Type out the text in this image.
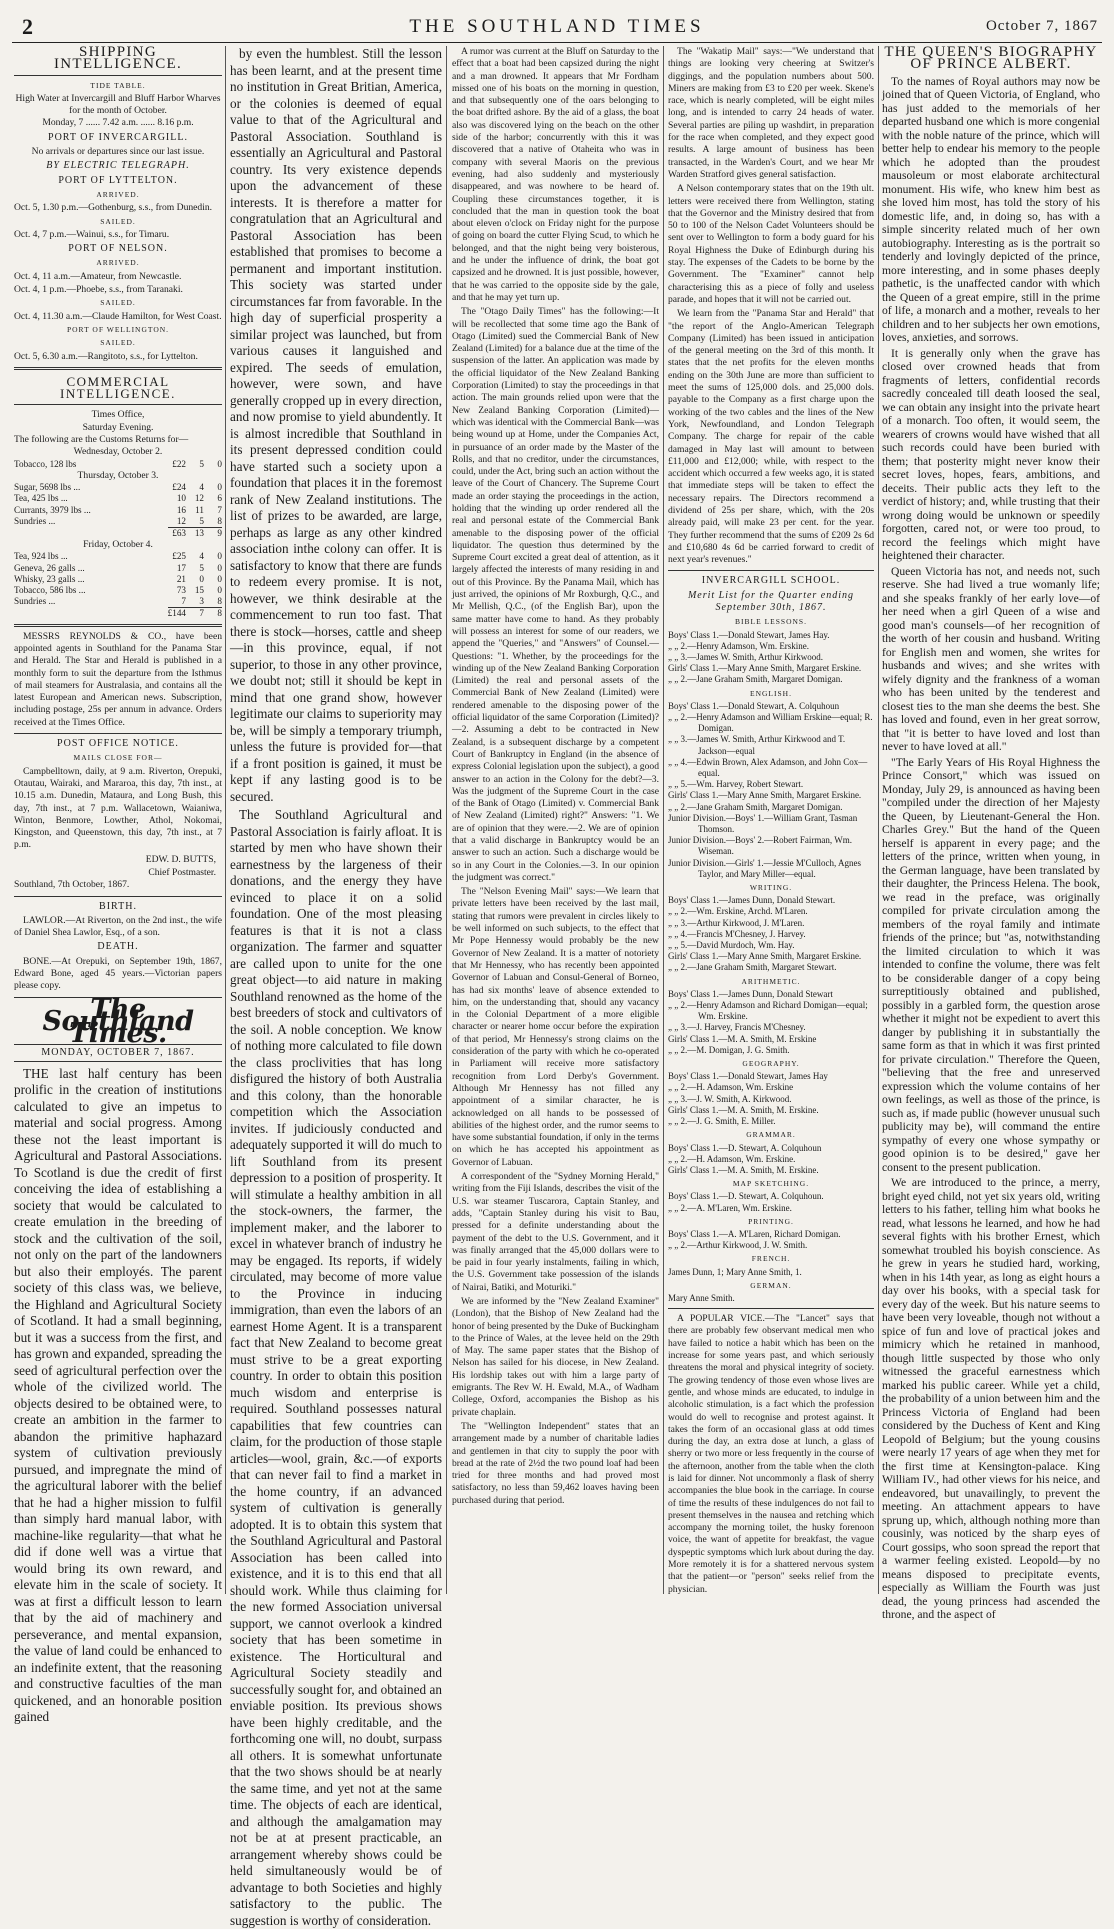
2	THE SOUTHLAND TIMES	October 7, 1867
SHIPPING INTELLIGENCE.
TIDE TABLE.
High Water at Invercargill and Bluff Harbor Wharves for the month of October.
Monday, 7 ...... 7.42 a.m. ...... 8.16 p.m.
PORT OF INVERCARGILL.
No arrivals or departures since our last issue.
BY ELECTRIC TELEGRAPH.
PORT OF LYTTELTON.
ARRIVED.
Oct. 5, 1.30 p.m.—Gothenburg, s.s., from Dunedin.
SAILED.
Oct. 4, 7 p.m.—Wainui, s.s., for Timaru.
PORT OF NELSON.
ARRIVED.
Oct. 4, 11 a.m.—Amateur, from Newcastle.
Oct. 4, 1 p.m.—Phoebe, s.s., from Taranaki.
SAILED.
Oct. 4, 11.30 a.m.—Claude Hamilton, for West Coast.
PORT OF WELLINGTON.
SAILED.
Oct. 5, 6.30 a.m.—Rangitoto, s.s., for Lyttelton.
COMMERCIAL INTELLIGENCE.
Times Office,
Saturday Evening.
The following are the Customs Returns for—
Wednesday, October 2.
Tobacco, 128 lbs	£22	5	0
Thursday, October 3.
Sugar, 5698 lbs ...	£24	4	0
Tea, 425 lbs ...	10	12	6
Currants, 3979 lbs ...	16	11	7
Sundries ...	12	5	8
	£63	13	9
Friday, October 4.
Tea, 924 lbs ...	£25	4	0
Geneva, 26 galls ...	17	5	0
Whisky, 23 galls ...	21	0	0
Tobacco, 586 lbs ...	73	15	0
Sundries ...	7	3	8
	£144	7	8

MESSRS REYNOLDS & CO., have been appointed agents in Southland for the Panama Star and Herald. The Star and Herald is published in a monthly form to suit the departure from the Isthmus of mail steamers for Australasia, and contains all the latest European and American news. Subscription, including postage, 25s per annum in advance. Orders received at the Times Office.

POST OFFICE NOTICE.
MAILS CLOSE FOR—

Campbelltown, daily, at 9 a.m. Riverton, Orepuki, Otautau, Wairaki, and Mararoa, this day, 7th inst., at 10.15 a.m. Dunedin, Mataura, and Long Bush, this day, 7th inst., at 7 p.m. Wallacetown, Waianiwa, Winton, Benmore, Lowther, Athol, Nokomai, Kingston, and Queenstown, this day, 7th inst., at 7 p.m.

EDW. D. BUTTS,
Chief Postmaster.
Southland, 7th October, 1867.
BIRTH.

LAWLOR.—At Riverton, on the 2nd inst., the wife of Daniel Shea Lawlor, Esq., of a son.

DEATH.

BONE.—At Orepuki, on September 19th, 1867, Edward Bone, aged 45 years.—Victorian papers please copy.

The Southland Times.
MONDAY, OCTOBER 7, 1867.

THE last half century has been prolific in the creation of institutions calculated to give an impetus to material and social progress. Among these not the least important is Agricultural and Pastoral Associations. To Scotland is due the credit of first conceiving the idea of establishing a society that would be calculated to create emulation in the breeding of stock and the cultivation of the soil, not only on the part of the landowners but also their employés. The parent society of this class was, we believe, the Highland and Agricultural Society of Scotland. It had a small beginning, but it was a success from the first, and has grown and expanded, spreading the seed of agricultural perfection over the whole of the civilized world. The objects desired to be obtained were, to create an ambition in the farmer to abandon the primitive haphazard system of cultivation previously pursued, and impregnate the mind of the agricultural laborer with the belief that he had a higher mission to fulfil than simply hard manual labor, with machine-like regularity—that what he did if done well was a virtue that would bring its own reward, and elevate him in the scale of society. It was at first a difficult lesson to learn that by the aid of machinery and perseverance, and mental expansion, the value of land could be enhanced to an indefinite extent, that the reasoning and constructive faculties of the man quickened, and an honorable position gained

by even the humblest. Still the lesson has been learnt, and at the present time no institution in Great Britian, America, or the colonies is deemed of equal value to that of the Agricultural and Pastoral Association. Southland is essentially an Agricultural and Pastoral country. Its very existence depends upon the advancement of these interests. It is therefore a matter for congratulation that an Agricultural and Pastoral Association has been established that promises to become a permanent and important institution. This society was started under circumstances far from favorable. In the high day of superficial prosperity a similar project was launched, but from various causes it languished and expired. The seeds of emulation, however, were sown, and have generally cropped up in every direction, and now promise to yield abundently. It is almost incredible that Southland in its present depressed condition could have started such a society upon a foundation that places it in the foremost rank of New Zealand institutions. The list of prizes to be awarded, are large, perhaps as large as any other kindred association inthe colony can offer. It is satisfactory to know that there are funds to redeem every promise. It is not, however, we think desirable at the commencement to run too fast. That there is stock—horses, cattle and sheep—in this province, equal, if not superior, to those in any other province, we doubt not; still it should be kept in mind that one grand show, however legitimate our claims to superiority may be, will be simply a temporary triumph, unless the future is provided for—that if a front position is gained, it must be kept if any lasting good is to be secured.

The Southland Agricultural and Pastoral Association is fairly afloat. It is started by men who have shown their earnestness by the largeness of their donations, and the energy they have evinced to place it on a solid foundation. One of the most pleasing features is that it is not a class organization. The farmer and squatter are called upon to unite for the one great object—to aid nature in making Southland renowned as the home of the best breeders of stock and cultivators of the soil. A noble conception. We know of nothing more calculated to file down the class proclivities that has long disfigured the history of both Australia and this colony, than the honorable competition which the Association invites. If judiciously conducted and adequately supported it will do much to lift Southland from its present depression to a position of prosperity. It will stimulate a healthy ambition in all the stock-owners, the farmer, the implement maker, and the laborer to excel in whatever branch of industry he may be engaged. Its reports, if widely circulated, may become of more value to the Province in inducing immigration, than even the labors of an earnest Home Agent. It is a transparent fact that New Zealand to become great must strive to be a great exporting country. In order to obtain this position much wisdom and enterprise is required. Southland possesses natural capabilities that few countries can claim, for the production of those staple articles—wool, grain, &c.—of exports that can never fail to find a market in the home country, if an advanced system of cultivation is generally adopted. It is to obtain this system that the Southland Agricultural and Pastoral Association has been called into existence, and it is to this end that all should work. While thus claiming for the new formed Association universal support, we cannot overlook a kindred society that has been sometime in existence. The Horticultural and Agricultural Society steadily and successfully sought for, and obtained an enviable position. Its previous shows have been highly creditable, and the forthcoming one will, no doubt, surpass all others. It is somewhat unfortunate that the two shows should be at nearly the same time, and yet not at the same time. The objects of each are identical, and although the amalgamation may not be at at present practicable, an arrangement whereby shows could be held simultaneously would be of advantage to both Societies and highly satisfactory to the public. The suggestion is worthy of consideration.

A rumor was current at the Bluff on Saturday to the effect that a boat had been capsized during the night and a man drowned. It appears that Mr Fordham missed one of his boats on the morning in question, and that subsequently one of the oars belonging to the boat drifted ashore. By the aid of a glass, the boat also was discovered lying on the beach on the other side of the harbor; concurrently with this it was discovered that a native of Otaheita who was in company with several Maoris on the previous evening, had also suddenly and mysteriously disappeared, and was nowhere to be heard of. Coupling these circumstances together, it is concluded that the man in question took the boat about eleven o'clock on Friday night for the purpose of going on board the cutter Flying Scud, to which he belonged, and that the night being very boisterous, and he under the influence of drink, the boat got capsized and he drowned. It is just possible, however, that he was carried to the opposite side by the gale, and that he may yet turn up.

The "Otago Daily Times" has the following:—It will be recollected that some time ago the Bank of Otago (Limited) sued the Commercial Bank of New Zealand (Limited) for a balance due at the time of the suspension of the latter. An application was made by the official liquidator of the New Zealand Banking Corporation (Limited) to stay the proceedings in that action. The main grounds relied upon were that the New Zealand Banking Corporation (Limited)—which was identical with the Commercial Bank—was being wound up at Home, under the Companies Act, in pursuance of an order made by the Master of the Rolls, and that no creditor, under the circumstances, could, under the Act, bring such an action without the leave of the Court of Chancery. The Supreme Court made an order staying the proceedings in the action, holding that the winding up order rendered all the real and personal estate of the Commercial Bank amenable to the disposing power of the official liquidator. The question thus determined by the Supreme Court excited a great deal of attention, as it largely affected the interests of many residing in and out of this Province. By the Panama Mail, which has just arrived, the opinions of Mr Roxburgh, Q.C., and Mr Mellish, Q.C., (of the English Bar), upon the same matter have come to hand. As they probably will possess an interest for some of our readers, we append the "Queries," and "Answers" of Counsel.—Questions: "1. Whether, by the proceedings for the winding up of the New Zealand Banking Corporation (Limited) the real and personal assets of the Commercial Bank of New Zealand (Limited) were rendered amenable to the disposing power of the official liquidator of the same Corporation (Limited)?—2. Assuming a debt to be contracted in New Zealand, is a subsequent discharge by a competent Court of Bankruptcy in England (in the absence of express Colonial legislation upon the subject), a good answer to an action in the Colony for the debt?—3. Was the judgment of the Supreme Court in the case of the Bank of Otago (Limited) v. Commercial Bank of New Zealand (Limited) right?" Answers: "1. We are of opinion that they were.—2. We are of opinion that a valid discharge in Bankruptcy would be an answer to such an action. Such a discharge would be so in any Court in the Colonies.—3. In our opinion the judgment was correct."

The "Nelson Evening Mail" says:—We learn that private letters have been received by the last mail, stating that rumors were prevalent in circles likely to be well informed on such subjects, to the effect that Mr Pope Hennessy would probably be the new Governor of New Zealand. It is a matter of notoriety that Mr Hennessy, who has recently been appointed Governor of Labuan and Consul-General of Borneo, has had six months' leave of absence extended to him, on the understanding that, should any vacancy in the Colonial Department of a more eligible character or nearer home occur before the expiration of that period, Mr Hennessy's strong claims on the consideration of the party with which he co-operated in Parliament will receive more satisfactory recognition from Lord Derby's Government. Although Mr Hennessy has not filled any appointment of a similar character, he is acknowledged on all hands to be possessed of abilities of the highest order, and the rumor seems to have some substantial foundation, if only in the terms on which he has accepted his appointment as Governor of Labuan.

A correspondent of the "Sydney Morning Herald," writing from the Fiji Islands, describes the visit of the U.S. war steamer Tuscarora, Captain Stanley, and adds, "Captain Stanley during his visit to Bau, pressed for a definite understanding about the payment of the debt to the U.S. Government, and it was finally arranged that the 45,000 dollars were to be paid in four yearly instalments, failing in which, the U.S. Government take possession of the islands of Nairai, Batiki, and Moturiki."

We are informed by the "New Zealand Examiner" (London), that the Bishop of New Zealand had the honor of being presented by the Duke of Buckingham to the Prince of Wales, at the levee held on the 29th of May. The same paper states that the Bishop of Nelson has sailed for his diocese, in New Zealand. His lordship takes out with him a large party of emigrants. The Rev W. H. Ewald, M.A., of Wadham College, Oxford, accompanies the Bishop as his private chaplain.

The "Wellington Independent" states that an arrangement made by a number of charitable ladies and gentlemen in that city to supply the poor with bread at the rate of 2½d the two pound loaf had been tried for three months and had proved most satisfactory, no less than 59,462 loaves having been purchased during that period.

The "Wakatip Mail" says:—"We understand that things are looking very cheering at Switzer's diggings, and the population numbers about 500. Miners are making from £3 to £20 per week. Skene's race, which is nearly completed, will be eight miles long, and is intended to carry 24 heads of water. Several parties are piling up washdirt, in preparation for the race when completed, and they expect good results. A large amount of business has been transacted, in the Warden's Court, and we hear Mr Warden Stratford gives general satisfaction.

A Nelson contemporary states that on the 19th ult. letters were received there from Wellington, stating that the Governor and the Ministry desired that from 50 to 100 of the Nelson Cadet Volunteers should be sent over to Wellington to form a body guard for his Royal Highness the Duke of Edinburgh during his stay. The expenses of the Cadets to be borne by the Government. The "Examiner" cannot help characterising this as a piece of folly and useless parade, and hopes that it will not be carried out.

We learn from the "Panama Star and Herald" that "the report of the Anglo-American Telegraph Company (Limited) has been issued in anticipation of the general meeting on the 3rd of this month. It states that the net profits for the eleven months ending on the 30th June are more than sufficient to meet the sums of 125,000 dols. and 25,000 dols. payable to the Company as a first charge upon the working of the two cables and the lines of the New York, Newfoundland, and London Telegraph Company. The charge for repair of the cable damaged in May last will amount to between £11,000 and £12,000; while, with respect to the accident which occurred a few weeks ago, it is stated that immediate steps will be taken to effect the necessary repairs. The Directors recommend a dividend of 25s per share, which, with the 20s already paid, will make 23 per cent. for the year. They further recommend that the sums of £209 2s 6d and £10,680 4s 6d be carried forward to credit of next year's revenues."

INVERCARGILL SCHOOL.
Merit List for the Quarter ending September 30th, 1867.
BIBLE LESSONS.
Boys' Class 1.—Donald Stewart, James Hay.
„ „ 2.—Henry Adamson, Wm. Erskine.
„ „ 3.—James W. Smith, Arthur Kirkwood.
Girls' Class 1.—Mary Anne Smith, Margaret Erskine.
„ „ 2.—Jane Graham Smith, Margaret Domigan.
ENGLISH.
Boys' Class 1.—Donald Stewart, A. Colquhoun
„ „ 2.—Henry Adamson and William Erskine—equal; R. Domigan.
„ „ 3.—James W. Smith, Arthur Kirkwood and T. Jackson—equal
„ „ 4.—Edwin Brown, Alex Adamson, and John Cox—equal.
„ „ 5.—Wm. Harvey, Robert Stewart.
Girls' Class 1.—Mary Anne Smith, Margaret Erskine.
„ „ 2.—Jane Graham Smith, Margaret Domigan.
Junior Division.—Boys' 1.—William Grant, Tasman Thomson.
Junior Division.—Boys' 2.—Robert Fairman, Wm. Wiseman.
Junior Division.—Girls' 1.—Jessie M'Culloch, Agnes Taylor, and Mary Miller—equal.
WRITING.
Boys' Class 1.—James Dunn, Donald Stewart.
„ „ 2.—Wm. Erskine, Archd. M'Laren.
„ „ 3.—Arthur Kirkwood, J. M'Laren.
„ „ 4.—Francis M'Chesney, J. Harvey.
„ „ 5.—David Murdoch, Wm. Hay.
Girls' Class 1.—Mary Anne Smith, Margaret Erskine.
„ „ 2.—Jane Graham Smith, Margaret Stewart.
ARITHMETIC.
Boys' Class 1.—James Dunn, Donald Stewart
„ „ 2.—Henry Adamson and Richard Domigan—equal; Wm. Erskine.
„ „ 3.—J. Harvey, Francis M'Chesney.
Girls' Class 1.—M. A. Smith, M. Erskine
„ „ 2.—M. Domigan, J. G. Smith.
GEOGRAPHY.
Boys' Class 1.—Donald Stewart, James Hay
„ „ 2.—H. Adamson, Wm. Erskine
„ „ 3.—J. W. Smith, A. Kirkwood.
Girls' Class 1.—M. A. Smith, M. Erskine.
„ „ 2.—J. G. Smith, E. Miller.
GRAMMAR.
Boys' Class 1.—D. Stewart, A. Colquhoun
„ „ 2.—H. Adamson, Wm. Erskine.
Girls' Class 1.—M. A. Smith, M. Erskine.
MAP SKETCHING.
Boys' Class 1.—D. Stewart, A. Colquhoun.
„ „ 2.—A. M'Laren, Wm. Erskine.
PRINTING.
Boys' Class 1.—A. M'Laren, Richard Domigan.
„ „ 2.—Arthur Kirkwood, J. W. Smith.
FRENCH.
James Dunn, 1; Mary Anne Smith, 1.
GERMAN.
Mary Anne Smith.

A POPULAR VICE.—The "Lancet" says that there are probably few observant medical men who have failed to notice a habit which has been on the increase for some years past, and which seriously threatens the moral and physical integrity of society. The growing tendency of those even whose lives are gentle, and whose minds are educated, to indulge in alcoholic stimulation, is a fact which the profession would do well to recognise and protest against. It takes the form of an occasional glass at odd times during the day, an extra dose at lunch, a glass of sherry or two more or less frequently in the course of the afternoon, another from the table when the cloth is laid for dinner. Not uncommonly a flask of sherry accompanies the blue book in the carriage. In course of time the results of these indulgences do not fail to present themselves in the nausea and retching which accompany the morning toilet, the husky forenoon voice, the want of appetite for breakfast, the vague dyspeptic symptoms which lurk about during the day. More remotely it is for a shattered nervous system that the patient—or "person" seeks relief from the physician.

THE QUEEN'S BIOGRAPHY OF PRINCE ALBERT.

To the names of Royal authors may now be joined that of Queen Victoria, of England, who has just added to the memorials of her departed husband one which is more congenial with the noble nature of the prince, which will better help to endear his memory to the people which he adopted than the proudest mausoleum or most elaborate architectural monument. His wife, who knew him best as she loved him most, has told the story of his domestic life, and, in doing so, has with a simple sincerity related much of her own autobiography. Interesting as is the portrait so tenderly and lovingly depicted of the prince, more interesting, and in some phases deeply pathetic, is the unaffected candor with which the Queen of a great empire, still in the prime of life, a monarch and a mother, reveals to her children and to her subjects her own emotions, loves, anxieties, and sorrows.

It is generally only when the grave has closed over crowned heads that from fragments of letters, confidential records sacredly concealed till death loosed the seal, we can obtain any insight into the private heart of a monarch. Too often, it would seem, the wearers of crowns would have wished that all such records could have been buried with them; that posterity might never know their secret loves, hopes, fears, ambitions, and deceits. Their public acts they left to the verdict of history; and, while trusting that their wrong doing would be unknown or speedily forgotten, cared not, or were too proud, to record the feelings which might have heightened their character.

Queen Victoria has not, and needs not, such reserve. She had lived a true womanly life; and she speaks frankly of her early love—of her need when a girl Queen of a wise and good man's counsels—of her recognition of the worth of her cousin and husband. Writing for English men and women, she writes for husbands and wives; and she writes with wifely dignity and the frankness of a woman who has been united by the tenderest and closest ties to the man she deems the best. She has loved and found, even in her great sorrow, that "it is better to have loved and lost than never to have loved at all."

"The Early Years of His Royal Highness the Prince Consort," which was issued on Monday, July 29, is announced as having been "compiled under the direction of her Majesty the Queen, by Lieutenant-General the Hon. Charles Grey." But the hand of the Queen herself is apparent in every page; and the letters of the prince, written when young, in the German language, have been translated by their daughter, the Princess Helena. The book, we read in the preface, was originally compiled for private circulation among the members of the royal family and intimate friends of the prince; but "as, notwithstanding the limited circulation to which it was intended to confine the volume, there was felt to be considerable danger of a copy being surreptitiously obtained and published, possibly in a garbled form, the question arose whether it might not be expedient to avert this danger by publishing it in substantially the same form as that in which it was first printed for private circulation." Therefore the Queen, "believing that the free and unreserved expression which the volume contains of her own feelings, as well as those of the prince, is such as, if made public (however unusual such publicity may be), will command the entire sympathy of every one whose sympathy or good opinion is to be desired," gave her consent to the present publication.

We are introduced to the prince, a merry, bright eyed child, not yet six years old, writing letters to his father, telling him what books he read, what lessons he learned, and how he had several fights with his brother Ernest, which somewhat troubled his boyish conscience. As he grew in years he studied hard, working, when in his 14th year, as long as eight hours a day over his books, with a special task for every day of the week. But his nature seems to have been very loveable, though not without a spice of fun and love of practical jokes and mimicry which he retained in manhood, though little suspected by those who only witnessed the graceful earnestness which marked his public career. While yet a child, the probability of a union between him and the Princess Victoria of England had been considered by the Duchess of Kent and King Leopold of Belgium; but the young cousins were nearly 17 years of age when they met for the first time at Kensington-palace. King William IV., had other views for his neice, and endeavored, but unavailingly, to prevent the meeting. An attachment appears to have sprung up, which, although nothing more than cousinly, was noticed by the sharp eyes of Court gossips, who soon spread the report that a warmer feeling existed. Leopold—by no means disposed to precipitate events, especially as William the Fourth was just dead, the young princess had ascended the throne, and the aspect of
